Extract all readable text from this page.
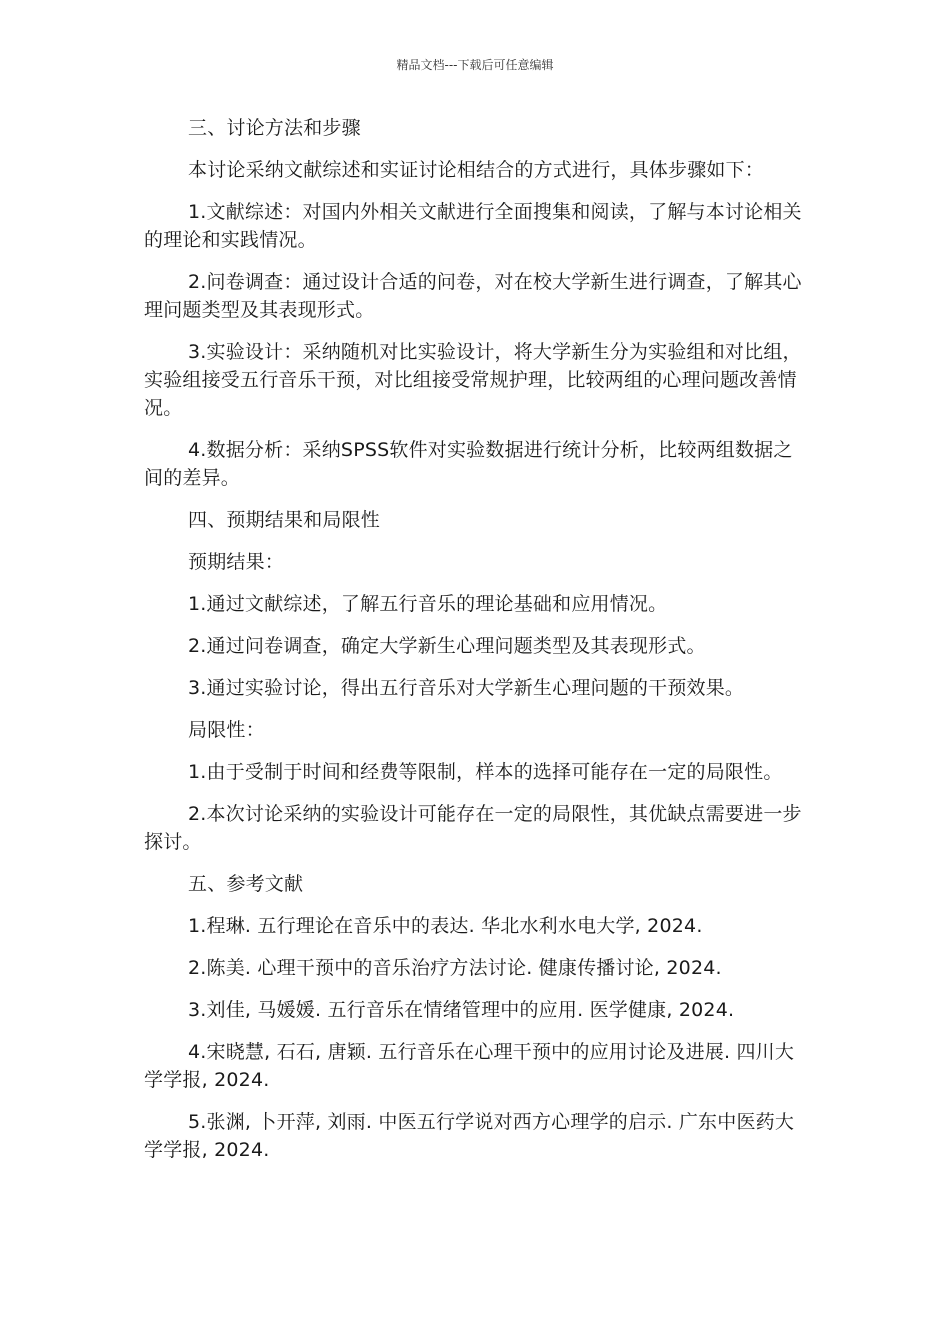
精品文档---下载后可任意编辑

三、讨论方法和步骤

本讨论采纳文献综述和实证讨论相结合的方式进行，具体步骤如下：

1.文献综述：对国内外相关文献进行全面搜集和阅读，了解与本讨论相关的理论和实践情况。

2.问卷调查：通过设计合适的问卷，对在校大学新生进行调查，了解其心理问题类型及其表现形式。

3.实验设计：采纳随机对比实验设计，将大学新生分为实验组和对比组，实验组接受五行音乐干预，对比组接受常规护理，比较两组的心理问题改善情况。

4.数据分析：采纳SPSS软件对实验数据进行统计分析，比较两组数据之间的差异。

四、预期结果和局限性

预期结果：

1.通过文献综述，了解五行音乐的理论基础和应用情况。

2.通过问卷调查，确定大学新生心理问题类型及其表现形式。

3.通过实验讨论，得出五行音乐对大学新生心理问题的干预效果。

局限性：

1.由于受制于时间和经费等限制，样本的选择可能存在一定的局限性。

2.本次讨论采纳的实验设计可能存在一定的局限性，其优缺点需要进一步探讨。

五、参考文献

1.程琳. 五行理论在音乐中的表达. 华北水利水电大学, 2024.

2.陈美. 心理干预中的音乐治疗方法讨论. 健康传播讨论, 2024.

3.刘佳, 马媛媛. 五行音乐在情绪管理中的应用. 医学健康, 2024.

4.宋晓慧, 石石, 唐颖. 五行音乐在心理干预中的应用讨论及进展. 四川大学学报, 2024.

5.张渊, 卜开萍, 刘雨. 中医五行学说对西方心理学的启示. 广东中医药大学学报, 2024.
